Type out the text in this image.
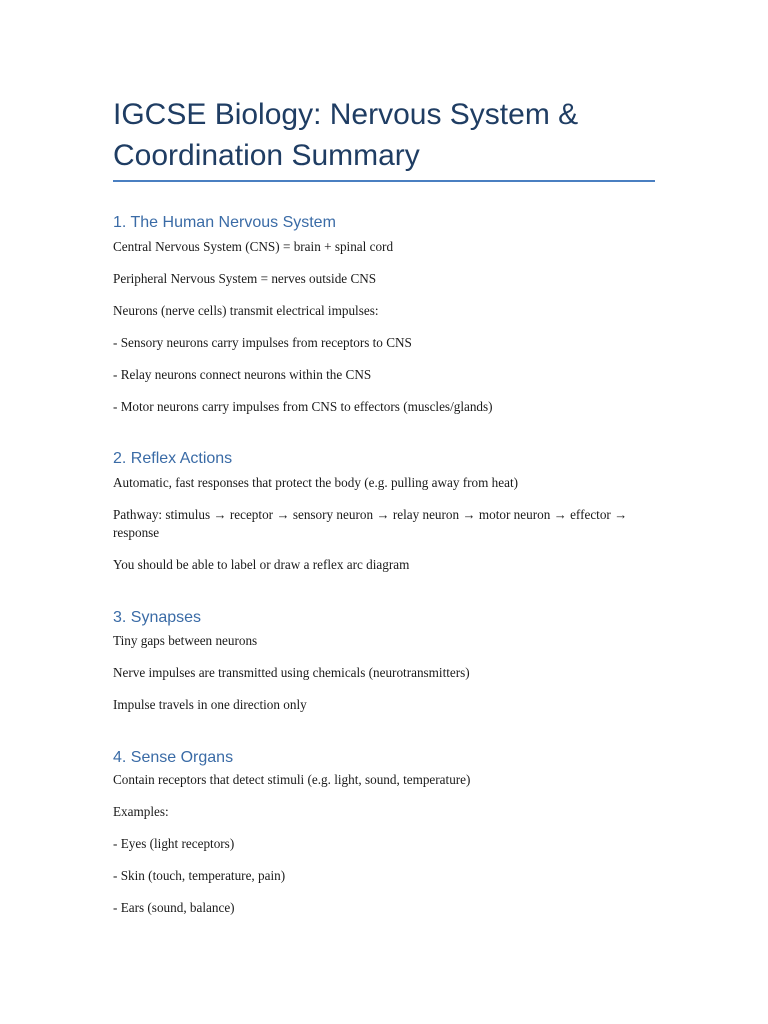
IGCSE Biology: Nervous System & Coordination Summary
1. The Human Nervous System

Central Nervous System (CNS) = brain + spinal cord

Peripheral Nervous System = nerves outside CNS

Neurons (nerve cells) transmit electrical impulses:

- Sensory neurons carry impulses from receptors to CNS

- Relay neurons connect neurons within the CNS

- Motor neurons carry impulses from CNS to effectors (muscles/glands)

2. Reflex Actions

Automatic, fast responses that protect the body (e.g. pulling away from heat)

Pathway: stimulus → receptor → sensory neuron → relay neuron → motor neuron → effector → response

You should be able to label or draw a reflex arc diagram

3. Synapses

Tiny gaps between neurons

Nerve impulses are transmitted using chemicals (neurotransmitters)

Impulse travels in one direction only

4. Sense Organs

Contain receptors that detect stimuli (e.g. light, sound, temperature)

Examples:

- Eyes (light receptors)

- Skin (touch, temperature, pain)

- Ears (sound, balance)
